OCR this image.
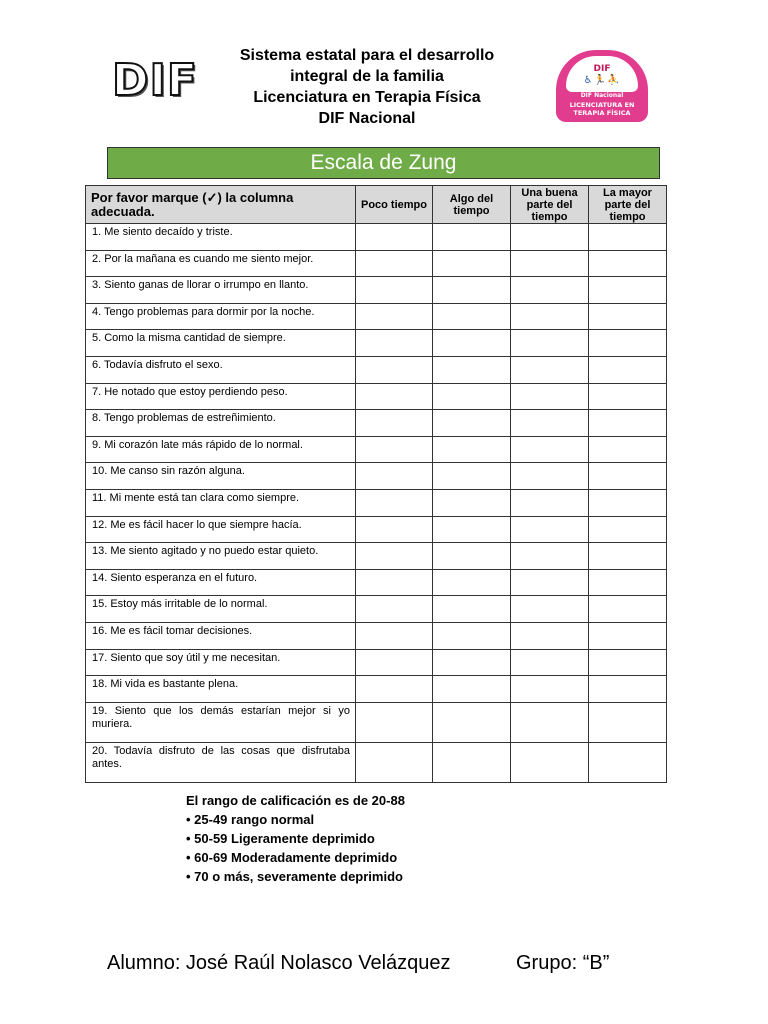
DIF	Sistema estatal para el desarrollo
integral de la familia
Licenciatura en Terapia Física
DIF Nacional
DIF
♿🏃⛹
DIF Nacional
LICENCIATURA EN
TERAPIA FÍSICA
Escala de Zung
Por favor marque (✓) la columna adecuada.	Poco tiempo	Algo del tiempo	Una buena parte del tiempo	La mayor parte del tiempo
1. Me siento decaído y triste.				
2. Por la mañana es cuando me siento mejor.				
3. Siento ganas de llorar o irrumpo en llanto.				
4. Tengo problemas para dormir por la noche.				
5. Como la misma cantidad de siempre.				
6. Todavía disfruto el sexo.				
7. He notado que estoy perdiendo peso.				
8. Tengo problemas de estreñimiento.				
9. Mi corazón late más rápido de lo normal.				
10. Me canso sin razón alguna.				
11. Mi mente está tan clara como siempre.				
12. Me es fácil hacer lo que siempre hacía.				
13. Me siento agitado y no puedo estar quieto.				
14. Siento esperanza en el futuro.				
15. Estoy más irritable de lo normal.				
16. Me es fácil tomar decisiones.				
17. Siento que soy útil y me necesitan.				
18. Mi vida es bastante plena.				
19. Siento que los demás estarían mejor si yo muriera.				
20. Todavía disfruto de las cosas que disfrutaba antes.				
El rango de calificación es de 20-88
• 25-49 rango normal
• 50-59 Ligeramente deprimido
• 60-69 Moderadamente deprimido
• 70 o más, severamente deprimido
Alumno: José Raúl Nolasco Velázquez	Grupo: “B”
